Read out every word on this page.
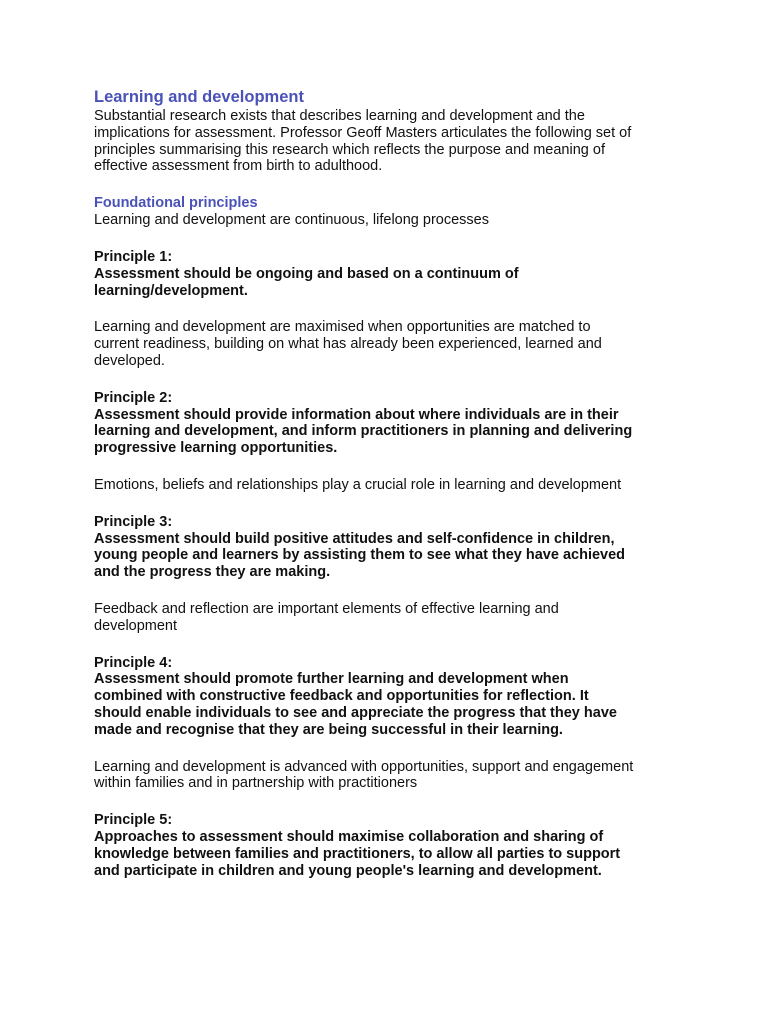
Learning and development

Substantial research exists that describes learning and development and the
implications for assessment. Professor Geoff Masters articulates the following set of
principles summarising this research which reflects the purpose and meaning of
effective assessment from birth to adulthood.

Foundational principles

Learning and development are continuous, lifelong processes

Principle 1:

Assessment should be ongoing and based on a continuum of
learning/development.

Learning and development are maximised when opportunities are matched to
current readiness, building on what has already been experienced, learned and
developed.

Principle 2:

Assessment should provide information about where individuals are in their
learning and development, and inform practitioners in planning and delivering
progressive learning opportunities.

Emotions, beliefs and relationships play a crucial role in learning and development

Principle 3:

Assessment should build positive attitudes and self-confidence in children,
young people and learners by assisting them to see what they have achieved
and the progress they are making.

Feedback and reflection are important elements of effective learning and
development

Principle 4:

Assessment should promote further learning and development when
combined with constructive feedback and opportunities for reflection. It
should enable individuals to see and appreciate the progress that they have
made and recognise that they are being successful in their learning.

Learning and development is advanced with opportunities, support and engagement
within families and in partnership with practitioners

Principle 5:

Approaches to assessment should maximise collaboration and sharing of
knowledge between families and practitioners, to allow all parties to support
and participate in children and young people's learning and development.
